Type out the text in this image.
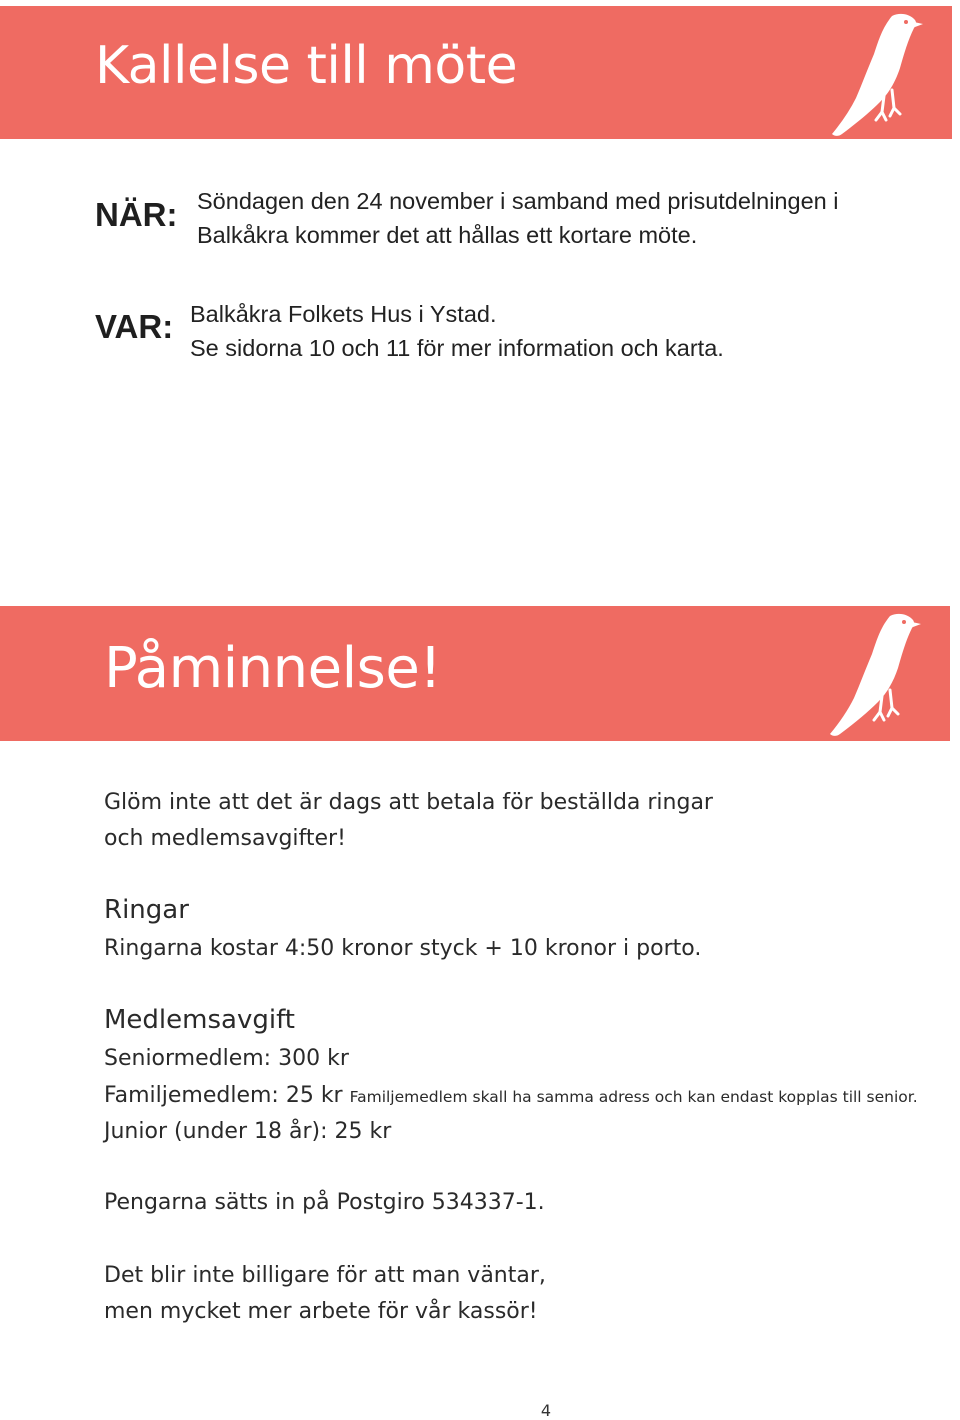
Kallelse till möte
NÄR: Söndagen den 24 november i samband med prisutdelningen i
Balkåkra kommer det att hållas ett kortare möte.
VAR: Balkåkra Folkets Hus i Ystad.
Se sidorna 10 och 11 för mer information och karta.
Påminnelse!
Glöm inte att det är dags att betala för beställda ringar
och medlemsavgifter!
Ringar
Ringarna kostar 4:50 kronor styck + 10 kronor i porto.
Medlemsavgift
Seniormedlem: 300 kr
Familjemedlem: 25 kr Familjemedlem skall ha samma adress och kan endast kopplas till senior.
Junior (under 18 år): 25 kr
Pengarna sätts in på Postgiro 534337-1.
Det blir inte billigare för att man väntar,
men mycket mer arbete för vår kassör!
4
